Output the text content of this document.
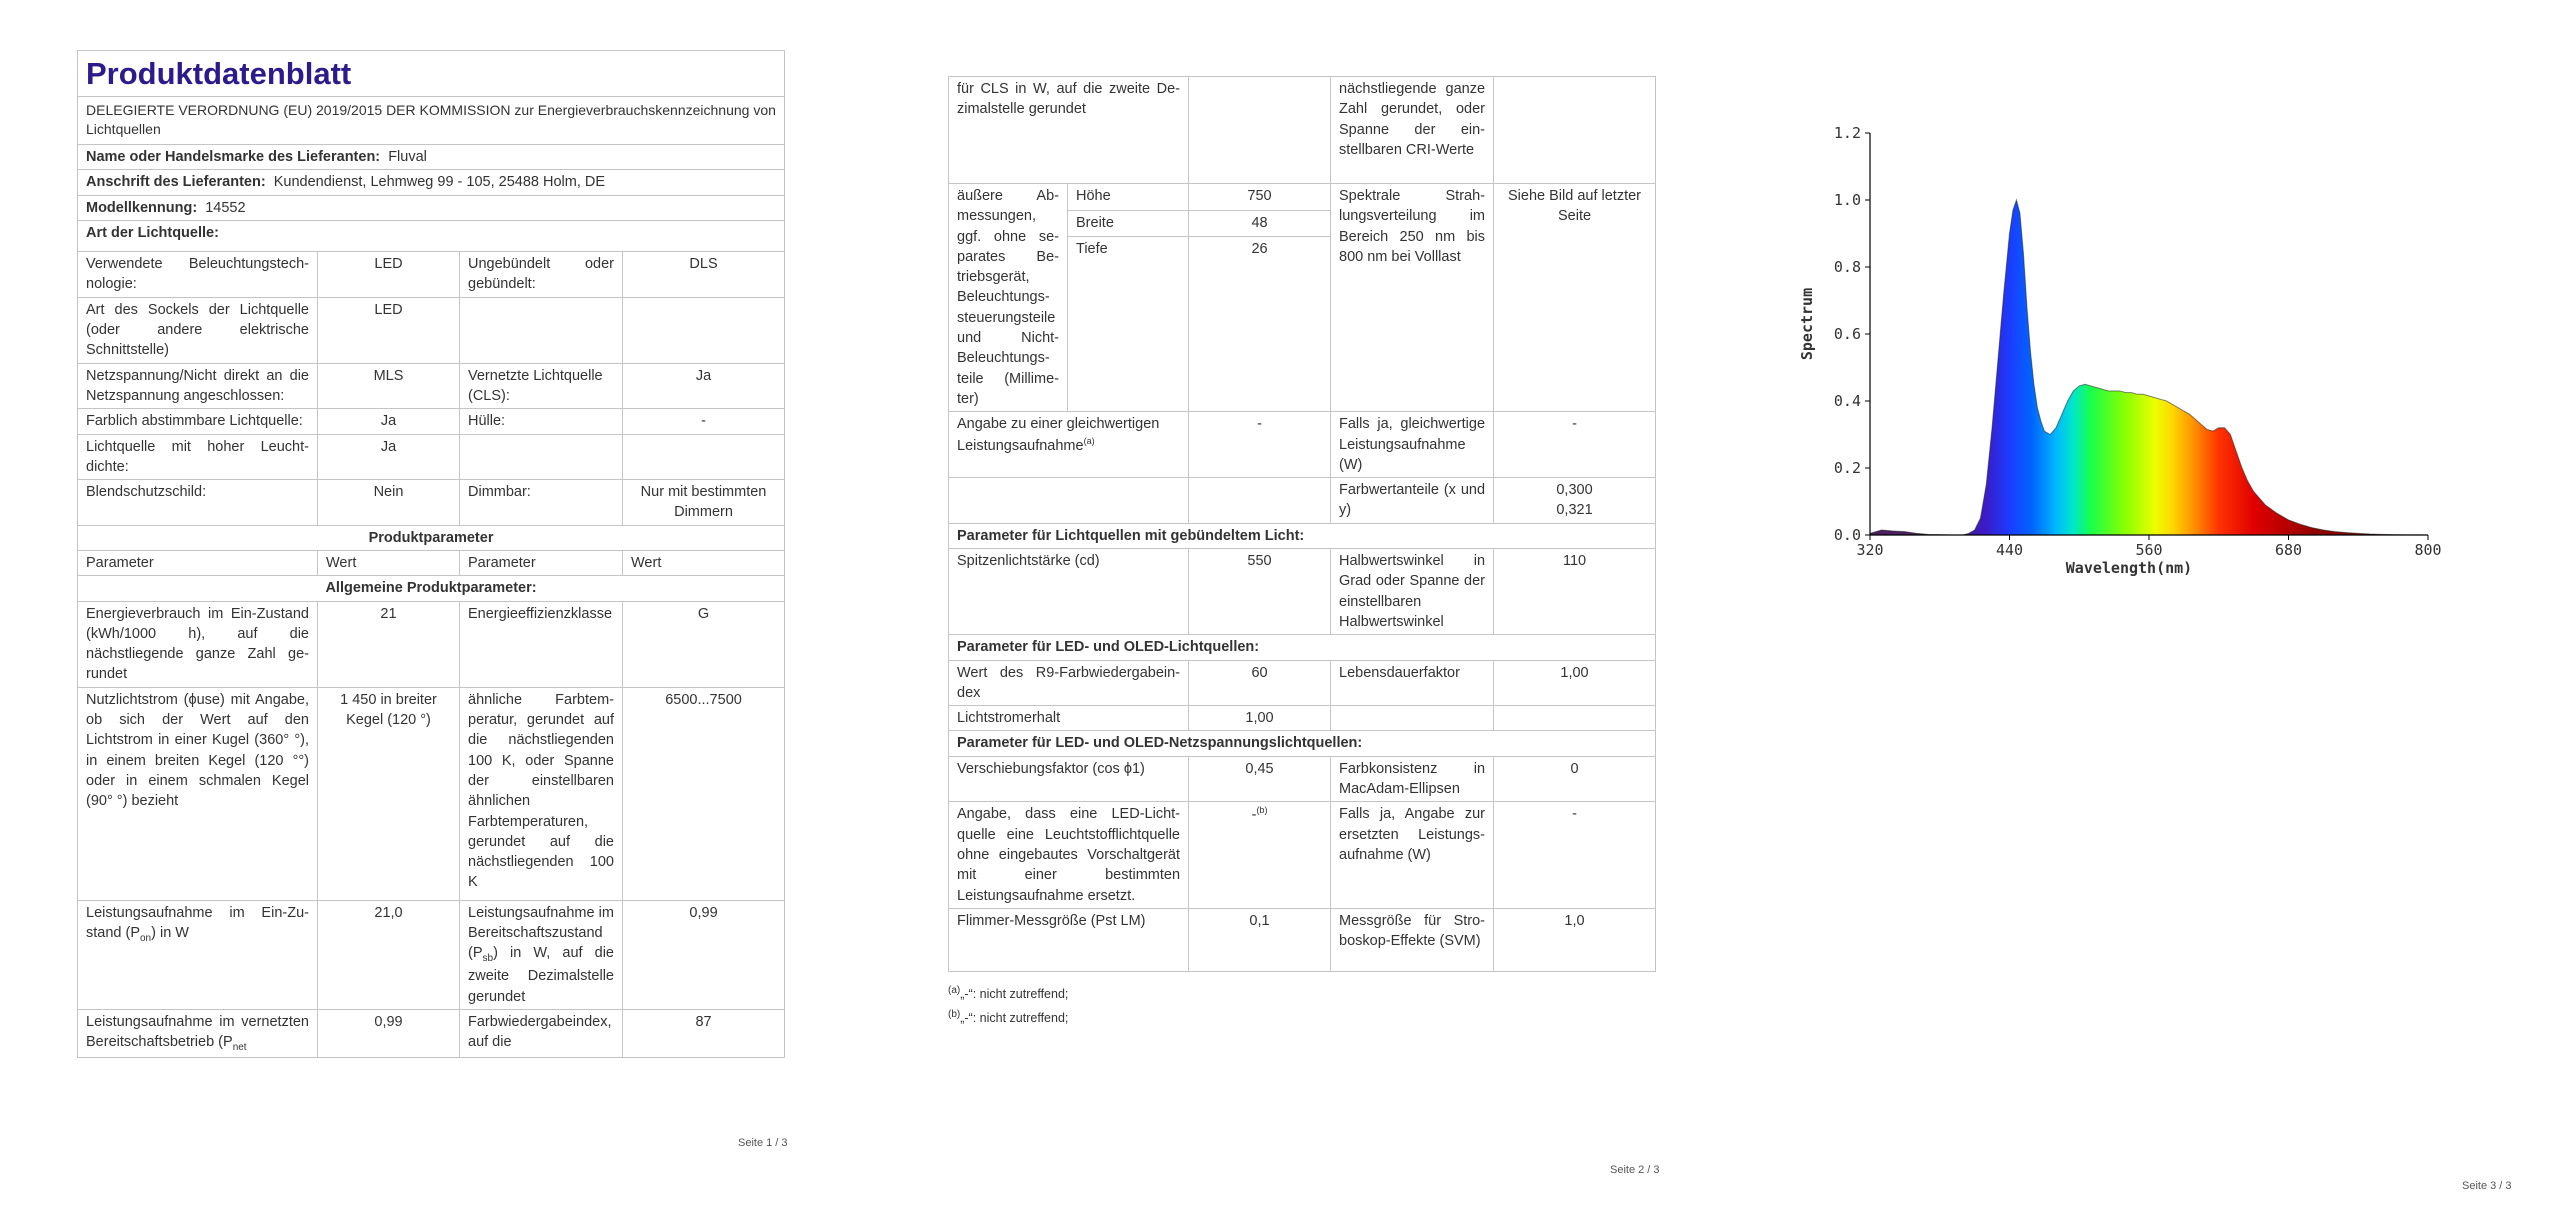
Produktdatenblatt			
DELEGIERTE VERORDNUNG (EU) 2019/2015 DER KOMMISSION zur Energieverbrauchskennzeichnung von Lichtquellen			
Name oder Handelsmarke des Lieferanten: Fluval			
Anschrift des Lieferanten: Kundendienst, Lehmweg 99 - 105, 25488 Holm, DE			
Modellkennung: 14552			
Art der Lichtquelle:			
Verwendete Beleuchtungstechnologie:	LED	Ungebündelt oder gebündelt:	DLS
Art des Sockels der Lichtquelle (oder andere elektrische Schnittstelle)	LED		
Netzspannung/Nicht direkt an die Netzspannung angeschlossen:	MLS	Vernetzte Lichtquelle (CLS):	Ja
Farblich abstimmbare Lichtquelle:	Ja	Hülle:	-
Lichtquelle mit hoher Leuchtdichte:	Ja		
Blendschutzschild:	Nein	Dimmbar:	Nur mit bestimmten Dimmern
Produktparameter			
Parameter	Wert	Parameter	Wert
Allgemeine Produktparameter:			
Energieverbrauch im Ein-Zustand (kWh/1000 h), auf die nächstliegende ganze Zahl gerundet	21	Energieeffizienzklasse	G
Nutzlichtstrom (ϕuse) mit Angabe, ob sich der Wert auf den Lichtstrom in einer Kugel (360° °), in einem breiten Kegel (120 °°) oder in einem schmalen Kegel (90° °) bezieht	1 450 in breiter Kegel (120 °)	ähnliche Farbtemperatur, gerundet auf die nächstliegenden 100 K, oder Spanne der einstellbaren ähnlichen Farbtemperaturen, gerundet auf die nächstliegenden 100 K	6500...7500
Leistungsaufnahme im Ein-Zustand $(P_{on})$ in W	21,0	Leistungsaufnahme im Bereitschaftszustand $(P_{sb})$ in W, auf die zweite Dezimalstelle gerundet	0,99
Leistungsaufnahme im vernetzten Bereitschaftsbetrieb ($P_{net}$	0,99	Farbwiedergabeindex, auf die	87
Seite 1 / 3
für CLS in W, auf die zweite Dezimalstelle gerundet			nächstliegende ganze Zahl gerundet, oder Spanne der einstellbaren CRI-Werte	
äußere Abmessungen, ggf. ohne separates Betriebsgerät, Beleuchtungssteuerungsteile und Nicht-Beleuchtungsteile (Millimeter)	Höhe	750	Spektrale Strahlungsverteilung im Bereich 250 nm bis 800 nm bei Volllast	Siehe Bild auf letzter Seite
	Breite	48		
	Tiefe	26		
Angabe zu einer gleichwertigen Leistungsaufnahme$^{(a)}$		-	Falls ja, gleichwertige Leistungsaufnahme (W)	-
			Farbwertanteile (x und y)	0,300
0,321

Parameter für Lichtquellen mit gebündeltem Licht:				
Spitzenlichtstärke (cd)		550	Halbwertswinkel in Grad oder Spanne der einstellbaren Halbwertswinkel	110
Parameter für LED- und OLED-Lichtquellen:				
Wert des R9-Farbwiedergabeindex		60	Lebensdauerfaktor	1,00
Lichtstromerhalt		1,00		
Parameter für LED- und OLED-Netzspannungslichtquellen:				
Verschiebungsfaktor (cos ϕ1)		0,45	Farbkonsistenz in MacAdam-Ellipsen	0
Angabe, dass eine LED-Lichtquelle eine Leuchtstofflichtquelle ohne eingebautes Vorschaltgerät mit einer bestimmten Leistungsaufnahme ersetzt.		-$^{(b)}$	Falls ja, Angabe zur ersetzten Leistungsaufnahme (W)	-
Flimmer-Messgröße (Pst LM)		0,1	Messgröße für Stroboskop-Effekte (SVM)	1,0
$^{(a)}$„-“: nicht zutreffend;
$^{(b)}$„-“: nicht zutreffend;
Seite 2 / 3
320	440	560	680	800
0.0
0.2
0.4
0.6
0.8
1.0
1.2
Wavelength(nm)
Spectrum
Seite 3 / 3
